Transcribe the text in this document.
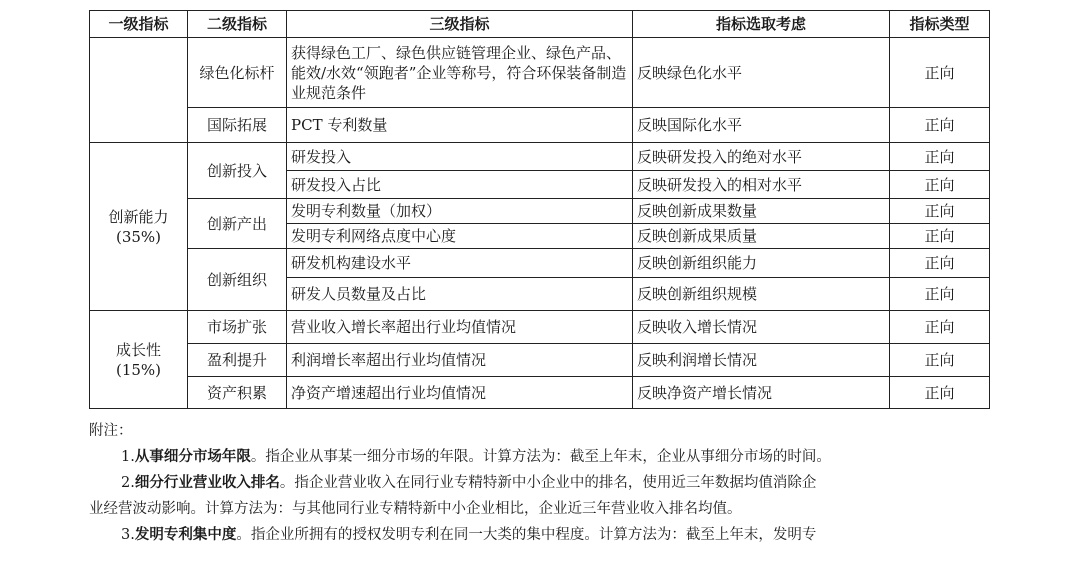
一级指标	二级指标	三级指标	指标选取考虑	指标类型
	绿色化标杆	获得绿色工厂、绿色供应链管理企业、绿色产品、能效/水效“领跑者”企业等称号，符合环保装备制造业规范条件	反映绿色化水平	正向
	国际拓展	PCT 专利数量	反映国际化水平	正向

创新能力
(35%)	创新投入	研发投入	反映研发投入的绝对水平	正向
		研发投入占比	反映研发投入的相对水平	正向
	创新产出	发明专利数量（加权）	反映创新成果数量	正向
		发明专利网络点度中心度	反映创新成果质量	正向
	创新组织	研发机构建设水平	反映创新组织能力	正向
		研发人员数量及占比	反映创新组织规模	正向

成长性
(15%)	市场扩张	营业收入增长率超出行业均值情况	反映收入增长情况	正向
	盈利提升	利润增长率超出行业均值情况	反映利润增长情况	正向
	资产积累	净资产增速超出行业均值情况	反映净资产增长情况	正向

附注：

1.从事细分市场年限。指企业从事某一细分市场的年限。计算方法为：截至上年末，企业从事细分市场的时间。

2.细分行业营业收入排名。指企业营业收入在同行业专精特新中小企业中的排名，使用近三年数据均值消除企

业经营波动影响。计算方法为：与其他同行业专精特新中小企业相比，企业近三年营业收入排名均值。

3.发明专利集中度。指企业所拥有的授权发明专利在同一大类的集中程度。计算方法为：截至上年末，发明专
